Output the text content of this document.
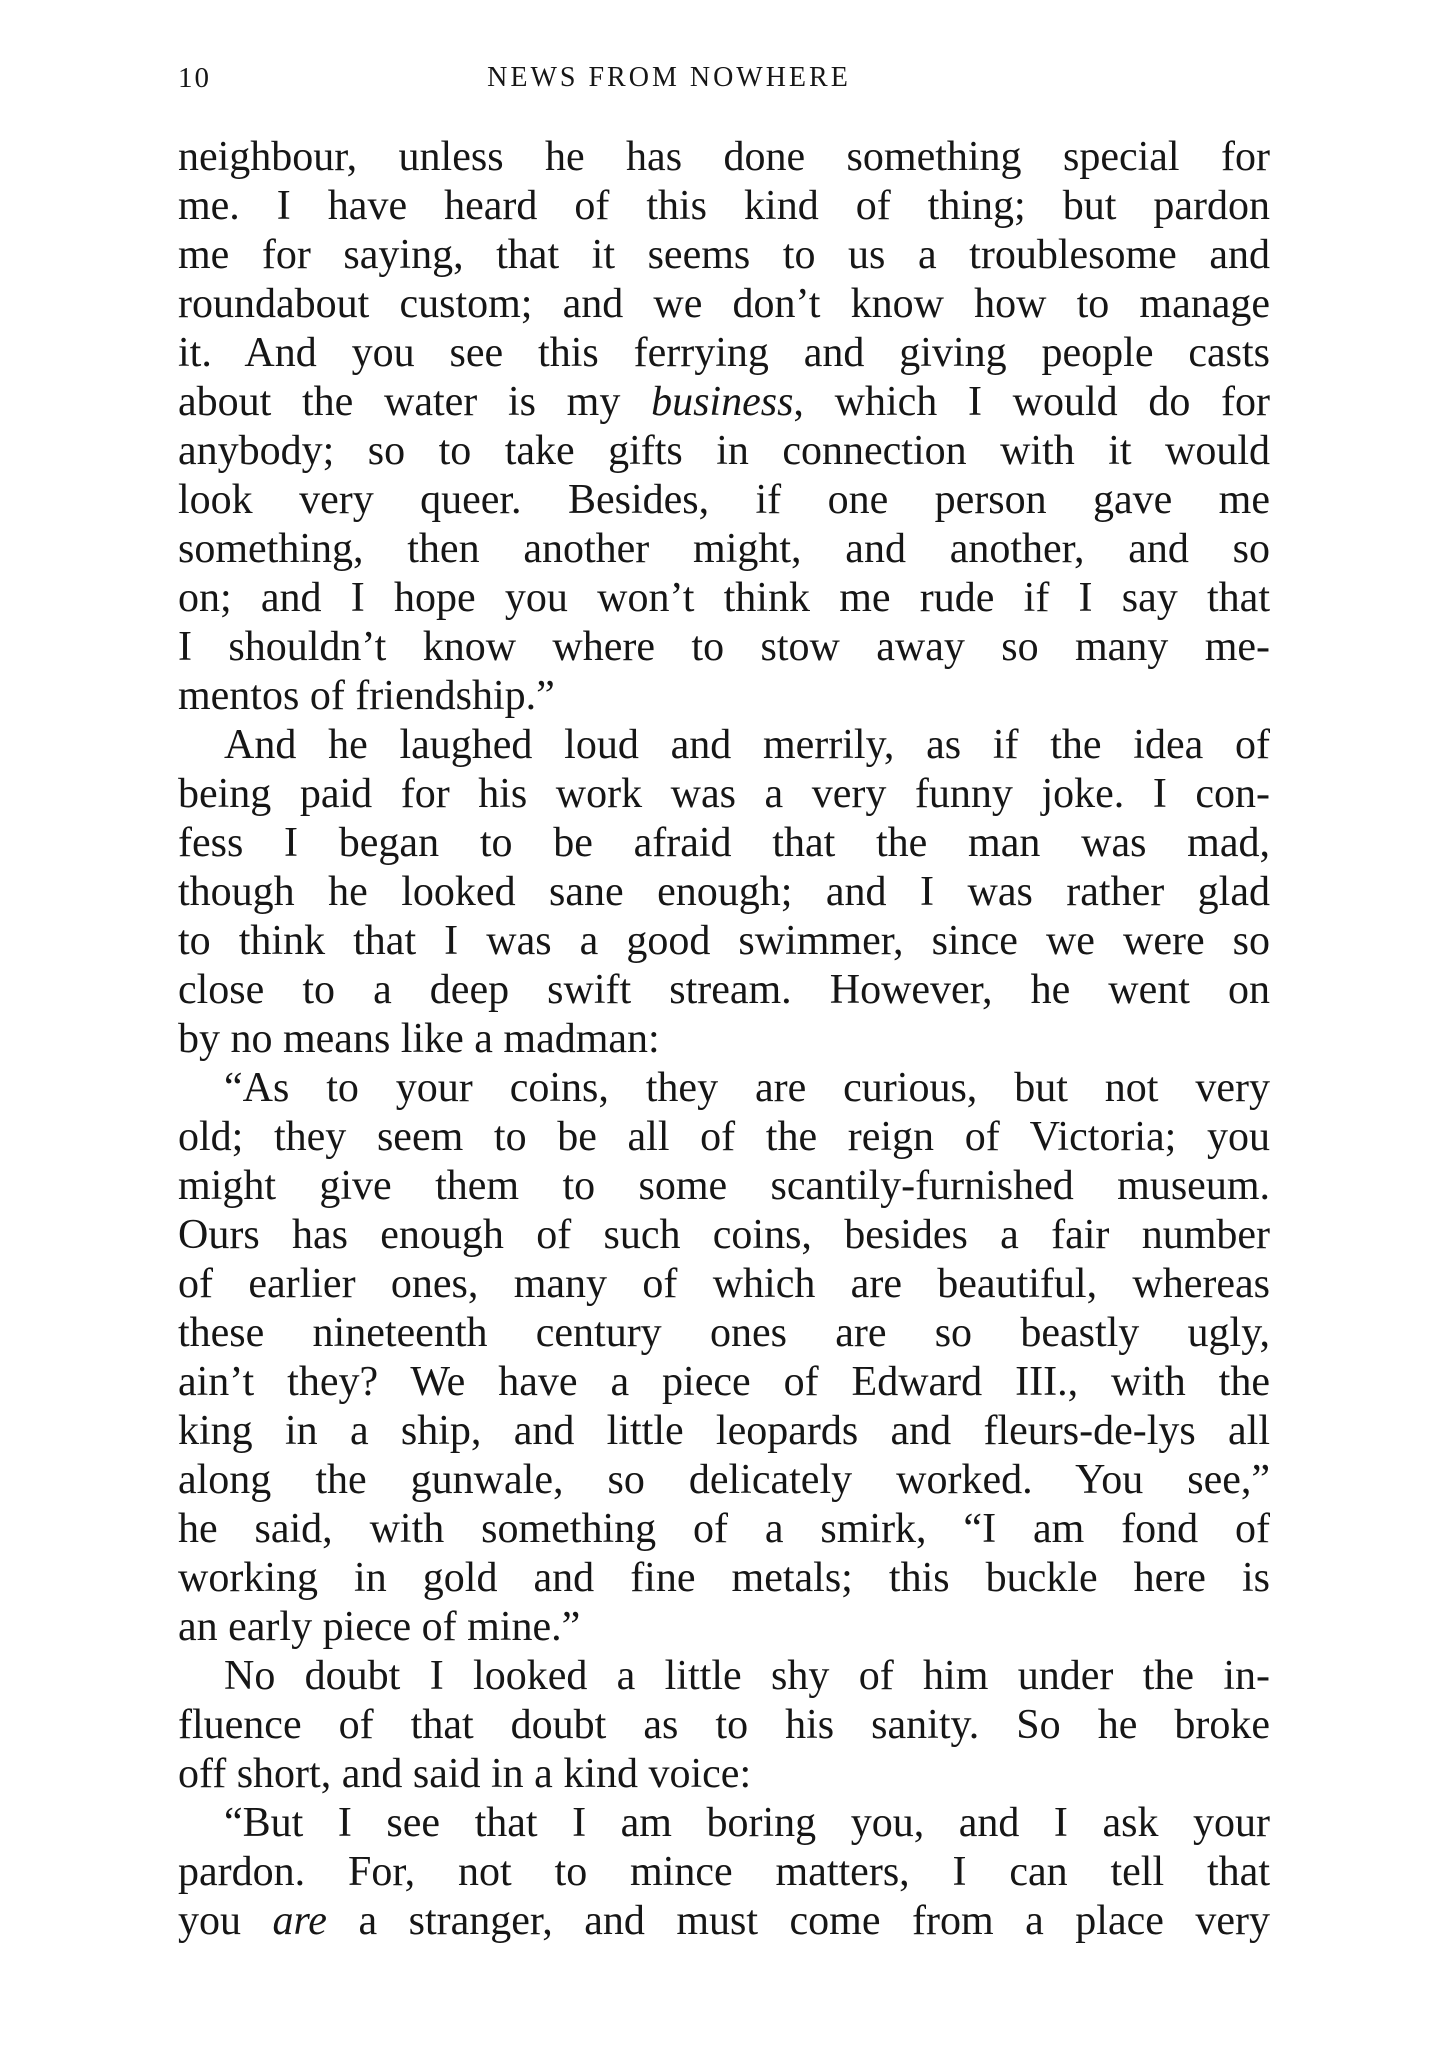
10	NEWS FROM NOWHERE
neighbour, unless he has done something special for
me. I have heard of this kind of thing; but pardon
me for saying, that it seems to us a troublesome and
roundabout custom; and we don’t know how to manage
it. And you see this ferrying and giving people casts
about the water is my business, which I would do for
anybody; so to take gifts in connection with it would
look very queer. Besides, if one person gave me
something, then another might, and another, and so
on; and I hope you won’t think me rude if I say that
I shouldn’t know where to stow away so many me-
mentos of friendship.”
And he laughed loud and merrily, as if the idea of
being paid for his work was a very funny joke. I con-
fess I began to be afraid that the man was mad,
though he looked sane enough; and I was rather glad
to think that I was a good swimmer, since we were so
close to a deep swift stream. However, he went on
by no means like a madman:
“As to your coins, they are curious, but not very
old; they seem to be all of the reign of Victoria; you
might give them to some scantily-furnished museum.
Ours has enough of such coins, besides a fair number
of earlier ones, many of which are beautiful, whereas
these nineteenth century ones are so beastly ugly,
ain’t they? We have a piece of Edward III., with the
king in a ship, and little leopards and fleurs-de-lys all
along the gunwale, so delicately worked. You see,”
he said, with something of a smirk, “I am fond of
working in gold and fine metals; this buckle here is
an early piece of mine.”
No doubt I looked a little shy of him under the in-
fluence of that doubt as to his sanity. So he broke
off short, and said in a kind voice:
“But I see that I am boring you, and I ask your
pardon. For, not to mince matters, I can tell that
you are a stranger, and must come from a place very
